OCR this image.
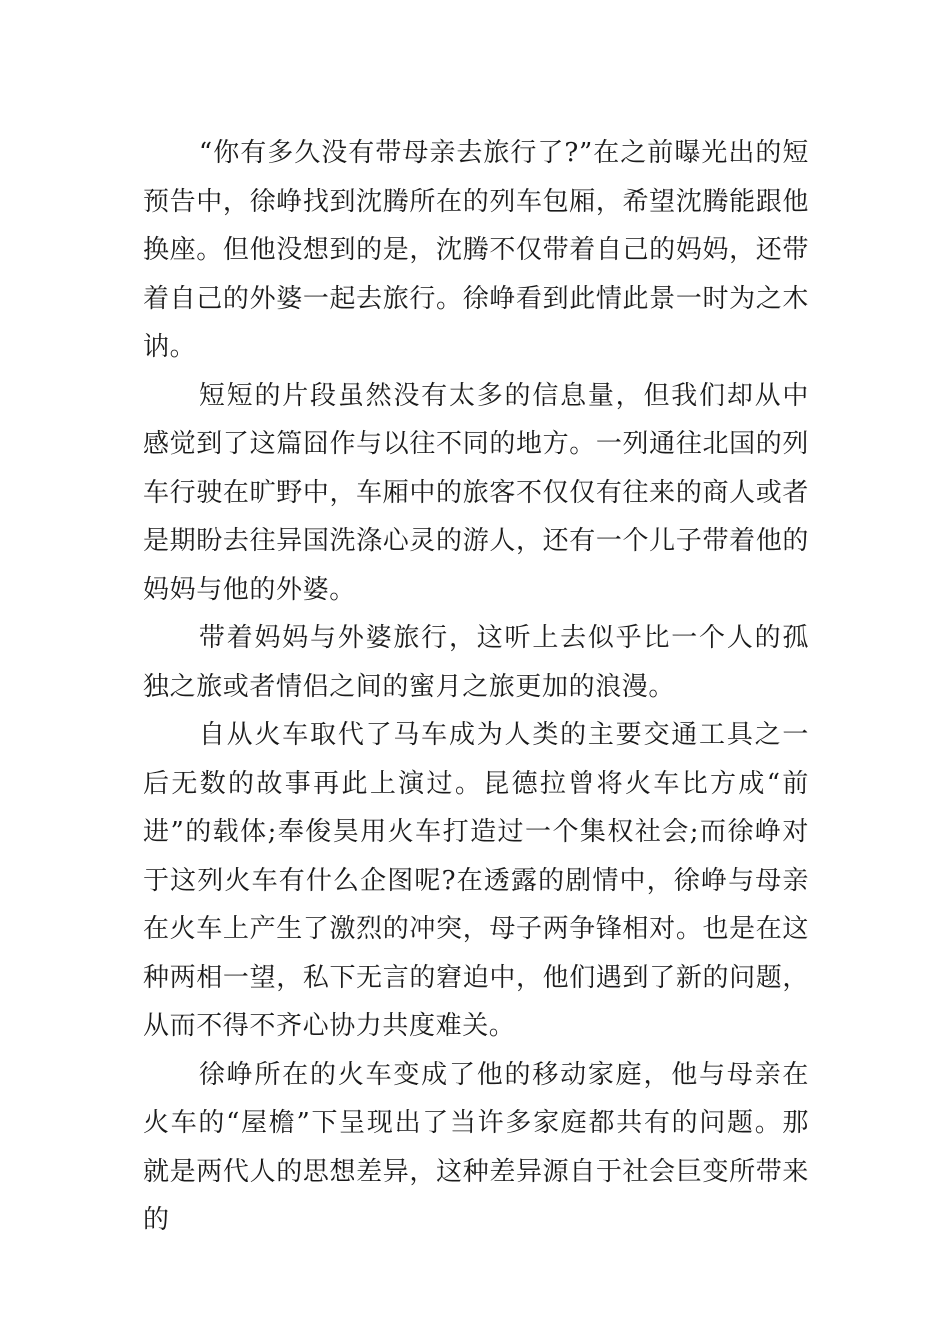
“你有多久没有带母亲去旅行了?”在之前曝光出的短预告中，徐峥找到沈腾所在的列车包厢，希望沈腾能跟他换座。但他没想到的是，沈腾不仅带着自己的妈妈，还带着自己的外婆一起去旅行。徐峥看到此情此景一时为之木讷。

短短的片段虽然没有太多的信息量，但我们却从中感觉到了这篇囧作与以往不同的地方。一列通往北国的列车行驶在旷野中，车厢中的旅客不仅仅有往来的商人或者是期盼去往异国洗涤心灵的游人，还有一个儿子带着他的妈妈与他的外婆。

带着妈妈与外婆旅行，这听上去似乎比一个人的孤独之旅或者情侣之间的蜜月之旅更加的浪漫。

自从火车取代了马车成为人类的主要交通工具之一后无数的故事再此上演过。昆德拉曾将火车比方成“前进”的载体;奉俊昊用火车打造过一个集权社会;而徐峥对于这列火车有什么企图呢?在透露的剧情中，徐峥与母亲在火车上产生了激烈的冲突，母子两争锋相对。也是在这种两相一望，私下无言的窘迫中，他们遇到了新的问题，从而不得不齐心协力共度难关。

徐峥所在的火车变成了他的移动家庭，他与母亲在火车的“屋檐”下呈现出了当许多家庭都共有的问题。那就是两代人的思想差异，这种差异源自于社会巨变所带来的
